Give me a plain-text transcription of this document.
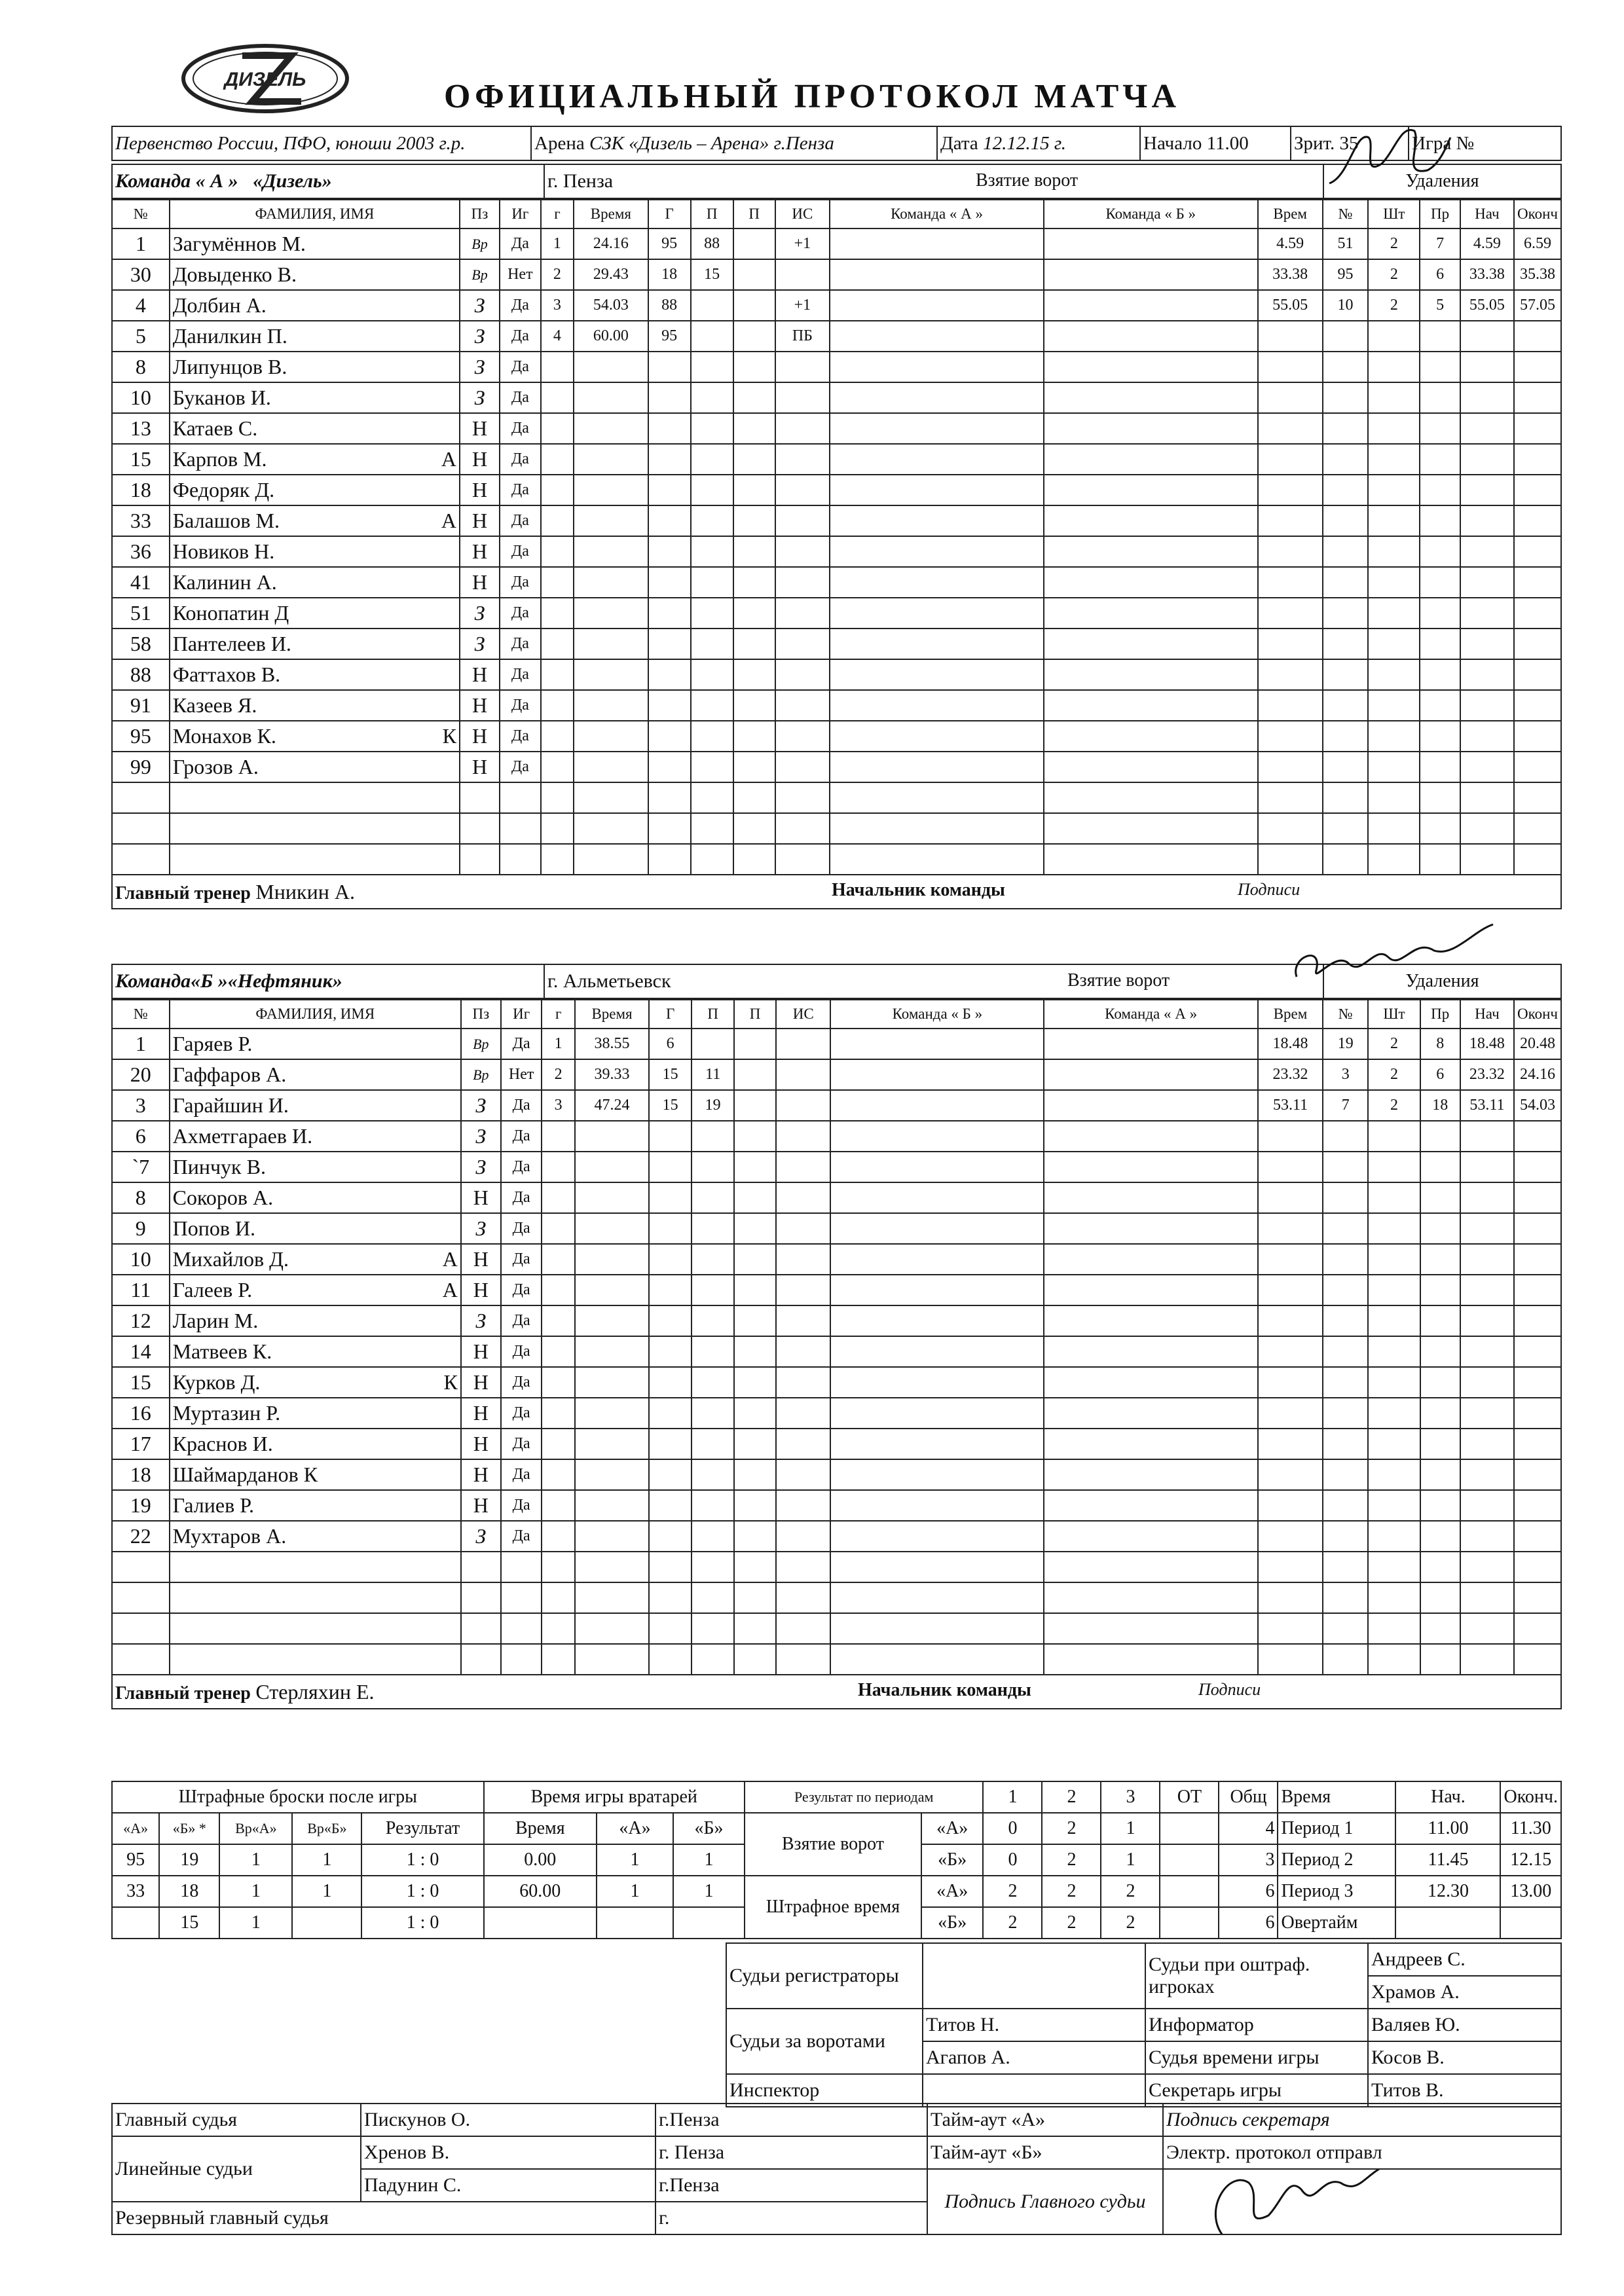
ДИЗЕЛЬ	ОФИЦИАЛЬНЫЙ ПРОТОКОЛ МАТЧА
Первенство России, ПФО, юноши 2003 г.р.	Арена СЗК «Дизель – Арена» г.Пенза	Дата 12.12.15 г.	Начало 11.00	Зрит. 35	Игра №
Команда « А » «Дизель»	г. Пенза	Взятие ворот	Удаления
№	ФАМИЛИЯ, ИМЯ	Пз	Иг	г	Время	Г	П	П	ИС	Команда « А »	Команда « Б »	Врем	№	Шт	Пр	Нач	Оконч
1	Загумённов М.	Вр	Да	1	24.16	95	88		+1			4.59	51	2	7	4.59	6.59
30	Довыденко В.	Вр	Нет	2	29.43	18	15					33.38	95	2	6	33.38	35.38
4	Долбин А.	З	Да	3	54.03	88			+1			55.05	10	2	5	55.05	57.05
5	Данилкин П.	З	Да	4	60.00	95			ПБ								
8	Липунцов В.	З	Да														
10	Буканов И.	З	Да														
13	Катаев С.	Н	Да														
15	Карпов М. А	Н	Да														
18	Федоряк Д.	Н	Да														
33	Балашов М. А	Н	Да														
36	Новиков Н.	Н	Да														
41	Калинин А.	Н	Да														
51	Конопатин Д	З	Да														
58	Пантелеев И.	З	Да														
88	Фаттахов В.	Н	Да														
91	Казеев Я.	Н	Да														
95	Монахов К. К	Н	Да														
99	Грозов А.	Н	Да														

Главный тренер Мникин А.	Начальник команды	Подписи
Команда«Б »«Нефтяник»	г. Альметьевск	Взятие ворот	Удаления
№	ФАМИЛИЯ, ИМЯ	Пз	Иг	г	Время	Г	П	П	ИС	Команда « Б »	Команда « А »	Врем	№	Шт	Пр	Нач	Оконч
1	Гаряев Р.	Вр	Да	1	38.55	6						18.48	19	2	8	18.48	20.48
20	Гаффаров А.	Вр	Нет	2	39.33	15	11					23.32	3	2	6	23.32	24.16
3	Гарайшин И.	З	Да	3	47.24	15	19					53.11	7	2	18	53.11	54.03
6	Ахметгараев И.	З	Да														
`7	Пинчук В.	З	Да														
8	Сокоров А.	Н	Да														
9	Попов И.	З	Да														
10	Михайлов Д. А	Н	Да														
11	Галеев Р. А	Н	Да														
12	Ларин М.	З	Да														
14	Матвеев К.	Н	Да														
15	Курков Д. К	Н	Да														
16	Муртазин Р.	Н	Да														
17	Краснов И.	Н	Да														
18	Шаймарданов К	Н	Да														
19	Галиев Р.	Н	Да														
22	Мухтаров А.	З	Да														

Главный тренер Стерляхин Е.	Начальник команды	Подписи
Штрафные броски после игры					Время игры вратарей			Результат по периодам		1	2	3	ОТ	Общ	Время	Нач.	Оконч.
«А»	«Б» *	Вр«А»	Вр«Б»	Результат	Время	«А»	«Б»	Взятие ворот	«А»	0	2	1		4	Период 1	11.00	11.30
95	19	1	1	1 : 0	0.00	1	1		«Б»	0	2	1		3	Период 2	11.45	12.15
33	18	1	1	1 : 0	60.00	1	1	Штрафное время	«А»	2	2	2		6	Период 3	12.30	13.00
	15	1		1 : 0					«Б»	2	2	2		6	Овертайм		
Судьи регистраторы		Судьи при оштраф. игроках	Андреев С.
			Храмов А.
Судьи за воротами	Титов Н.	Информатор	Валяев Ю.
	Агапов А.	Судья времени игры	Косов В.
Инспектор		Секретарь игры	Титов В.
Главный судья	Пискунов О.	г.Пенза	Тайм-аут «А»	Подпись секретаря
Линейные судьи	Хренов В.	г. Пенза	Тайм-аут «Б»	Электр. протокол отправл
	Падунин С.	г.Пенза	Подпись Главного судьи	

Резервный главный судья		г.		
